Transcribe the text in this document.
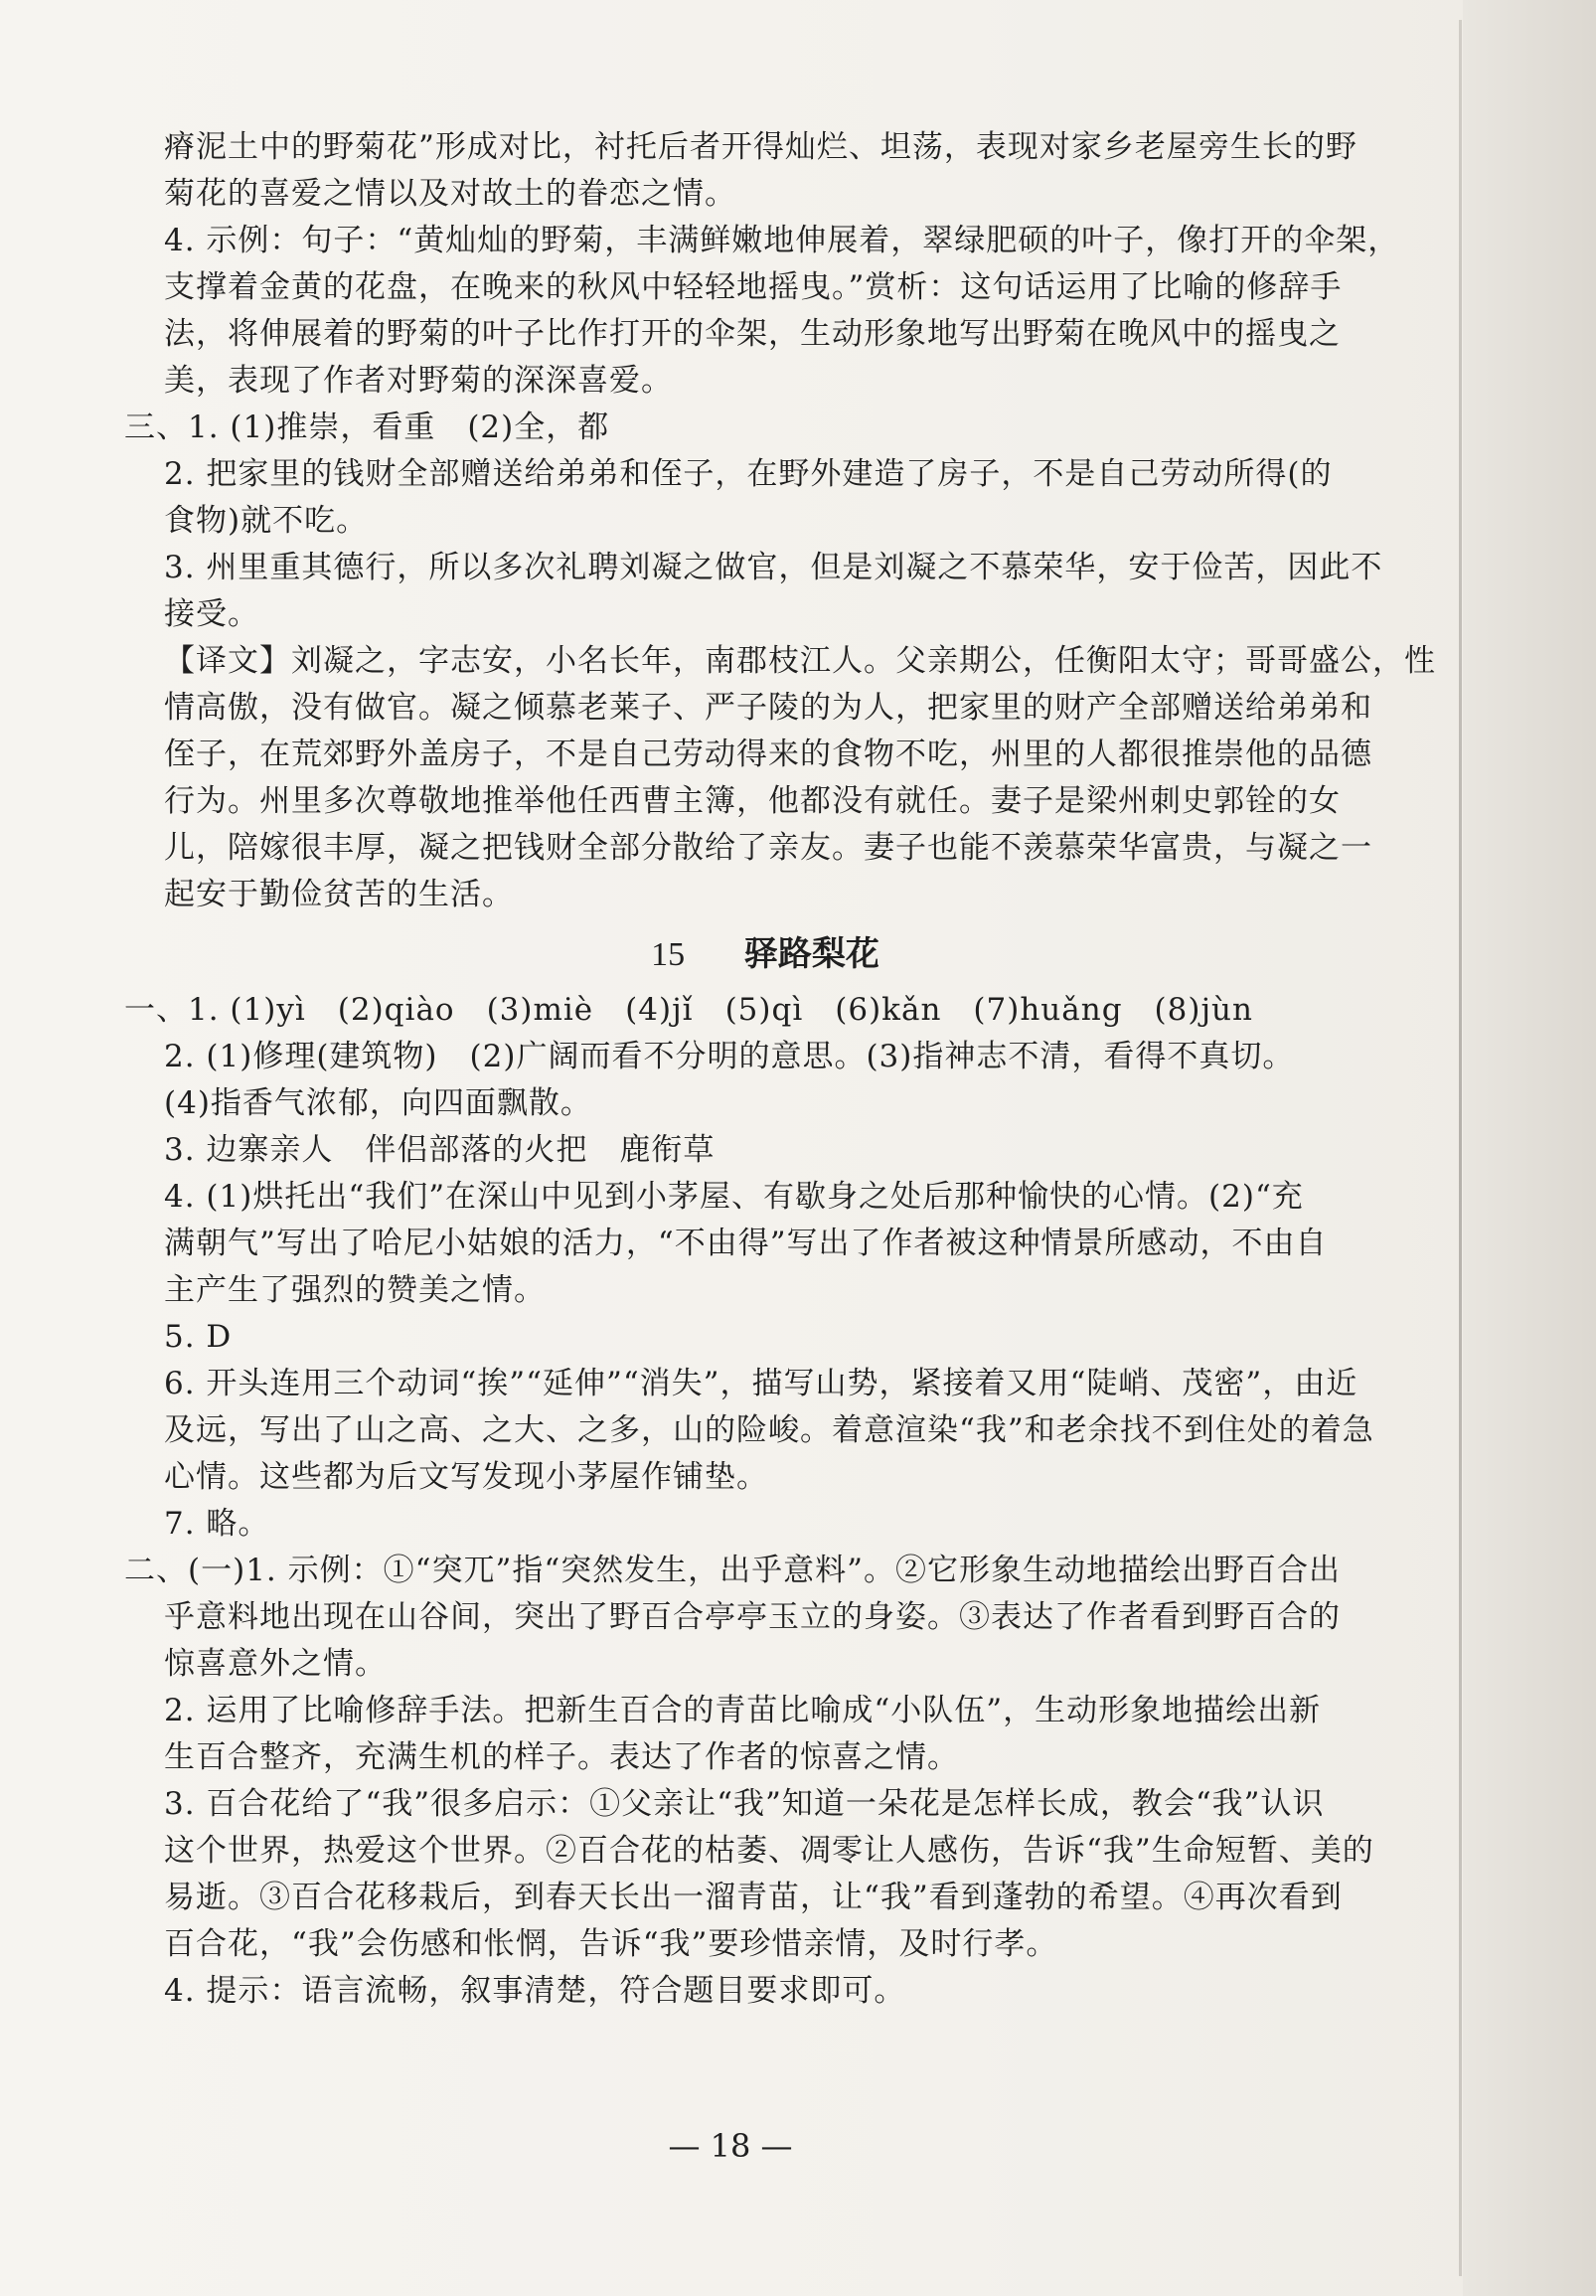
瘠泥土中的野菊花”形成对比，衬托后者开得灿烂、坦荡，表现对家乡老屋旁生长的野

菊花的喜爱之情以及对故土的眷恋之情。

4. 示例：句子：“黄灿灿的野菊，丰满鲜嫩地伸展着，翠绿肥硕的叶子，像打开的伞架，

支撑着金黄的花盘，在晚来的秋风中轻轻地摇曳。”赏析：这句话运用了比喻的修辞手

法，将伸展着的野菊的叶子比作打开的伞架，生动形象地写出野菊在晚风中的摇曳之

美，表现了作者对野菊的深深喜爱。

三、1. (1)推崇，看重　(2)全，都

2. 把家里的钱财全部赠送给弟弟和侄子，在野外建造了房子，不是自己劳动所得(的

食物)就不吃。

3. 州里重其德行，所以多次礼聘刘凝之做官，但是刘凝之不慕荣华，安于俭苦，因此不

接受。

【译文】刘凝之，字志安，小名长年，南郡枝江人。父亲期公，任衡阳太守；哥哥盛公，性

情高傲，没有做官。凝之倾慕老莱子、严子陵的为人，把家里的财产全部赠送给弟弟和

侄子，在荒郊野外盖房子，不是自己劳动得来的食物不吃，州里的人都很推崇他的品德

行为。州里多次尊敬地推举他任西曹主簿，他都没有就任。妻子是梁州刺史郭铨的女

儿，陪嫁很丰厚，凝之把钱财全部分散给了亲友。妻子也能不羡慕荣华富贵，与凝之一

起安于勤俭贫苦的生活。

15 驿路梨花

一、1. (1)yì　(2)qiào　(3)miè　(4)jǐ　(5)qì　(6)kǎn　(7)huǎng　(8)jùn

2. (1)修理(建筑物)　(2)广阔而看不分明的意思。(3)指神志不清，看得不真切。

(4)指香气浓郁，向四面飘散。

3. 边寨亲人　伴侣部落的火把　鹿衔草

4. (1)烘托出“我们”在深山中见到小茅屋、有歇身之处后那种愉快的心情。(2)“充

满朝气”写出了哈尼小姑娘的活力，“不由得”写出了作者被这种情景所感动，不由自

主产生了强烈的赞美之情。

5. D

6. 开头连用三个动词“挨”“延伸”“消失”，描写山势，紧接着又用“陡峭、茂密”，由近

及远，写出了山之高、之大、之多，山的险峻。着意渲染“我”和老余找不到住处的着急

心情。这些都为后文写发现小茅屋作铺垫。

7. 略。

二、(一)1. 示例：①“突兀”指“突然发生，出乎意料”。②它形象生动地描绘出野百合出

乎意料地出现在山谷间，突出了野百合亭亭玉立的身姿。③表达了作者看到野百合的

惊喜意外之情。

2. 运用了比喻修辞手法。把新生百合的青苗比喻成“小队伍”，生动形象地描绘出新

生百合整齐，充满生机的样子。表达了作者的惊喜之情。

3. 百合花给了“我”很多启示：①父亲让“我”知道一朵花是怎样长成，教会“我”认识

这个世界，热爱这个世界。②百合花的枯萎、凋零让人感伤，告诉“我”生命短暂、美的

易逝。③百合花移栽后，到春天长出一溜青苗，让“我”看到蓬勃的希望。④再次看到

百合花，“我”会伤感和怅惘，告诉“我”要珍惜亲情，及时行孝。

4. 提示：语言流畅，叙事清楚，符合题目要求即可。

— 18 —
